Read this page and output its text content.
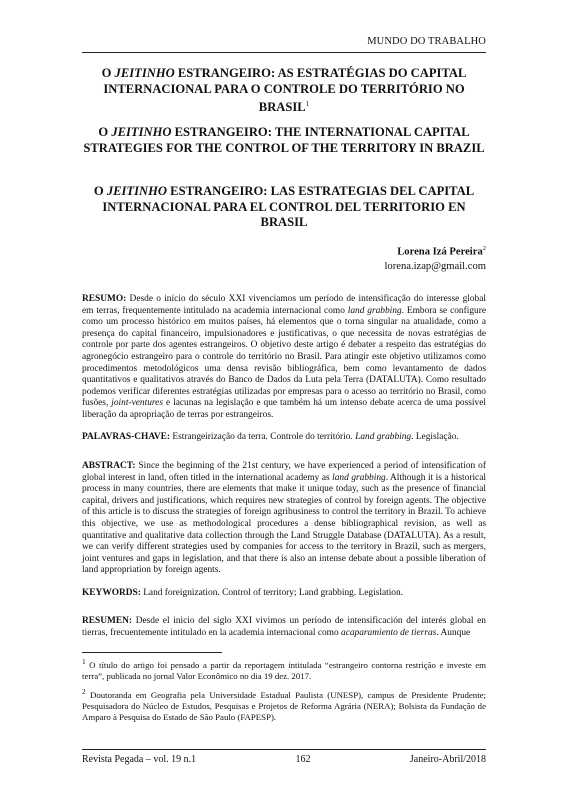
MUNDO DO TRABALHO
O JEITINHO ESTRANGEIRO: AS ESTRATÉGIAS DO CAPITAL INTERNACIONAL PARA O CONTROLE DO TERRITÓRIO NO BRASIL$^1$
O JEITINHO ESTRANGEIRO: THE INTERNATIONAL CAPITAL STRATEGIES FOR THE CONTROL OF THE TERRITORY IN BRAZIL
O JEITINHO ESTRANGEIRO: LAS ESTRATEGIAS DEL CAPITAL INTERNACIONAL PARA EL CONTROL DEL TERRITORIO EN BRASIL
Lorena Izá Pereira$^2$
lorena.izap@gmail.com

RESUMO: Desde o início do século XXI vivenciamos um período de intensificação do interesse global em terras, frequentemente intitulado na academia internacional como land grabbing. Embora se configure como um processo histórico em muitos países, há elementos que o torna singular na atualidade, como a presença do capital financeiro, impulsionadores e justificativas, o que necessita de novas estratégias de controle por parte dos agentes estrangeiros. O objetivo deste artigo é debater a respeito das estratégias do agronegócio estrangeiro para o controle do território no Brasil. Para atingir este objetivo utilizamos como procedimentos metodológicos uma densa revisão bibliográfica, bem como levantamento de dados quantitativos e qualitativos através do Banco de Dados da Luta pela Terra (DATALUTA). Como resultado podemos verificar diferentes estratégias utilizadas por empresas para o acesso ao território no Brasil, como fusões, joint-ventures e lacunas na legislação e que também há um intenso debate acerca de uma possível liberação da apropriação de terras por estrangeiros.

PALAVRAS-CHAVE: Estrangeirização da terra. Controle do território. Land grabbing. Legislação.

ABSTRACT: Since the beginning of the 21st century, we have experienced a period of intensification of global interest in land, often titled in the international academy as land grabbing. Although it is a historical process in many countries, there are elements that make it unique today, such as the presence of financial capital, drivers and justifications, which requires new strategies of control by foreign agents. The objective of this article is to discuss the strategies of foreign agribusiness to control the territory in Brazil. To achieve this objective, we use as methodological procedures a dense bibliographical revision, as well as quantitative and qualitative data collection through the Land Struggle Database (DATALUTA). As a result, we can verify different strategies used by companies for access to the territory in Brazil, such as mergers, joint ventures and gaps in legislation, and that there is also an intense debate about a possible liberation of land appropriation by foreign agents.

KEYWORDS: Land foreignization. Control of territory; Land grabbing. Legislation.

RESUMEN: Desde el inicio del siglo XXI vivimos un período de intensificación del interés global en tierras, frecuentemente intitulado en la academia internacional como acaparamiento de tierras. Aunque

$^1$ O título do artigo foi pensado a partir da reportagem intitulada “estrangeiro contorna restrição e investe em terra”, publicada no jornal Valor Econômico no dia 19 dez. 2017.

$^2$ Doutoranda em Geografia pela Universidade Estadual Paulista (UNESP), campus de Presidente Prudente; Pesquisadora do Núcleo de Estudos, Pesquisas e Projetos de Reforma Agrária (NERA); Bolsista da Fundação de Amparo à Pesquisa do Estado de São Paulo (FAPESP).

Revista Pegada – vol. 19 n.1	162	Janeiro-Abril/2018
